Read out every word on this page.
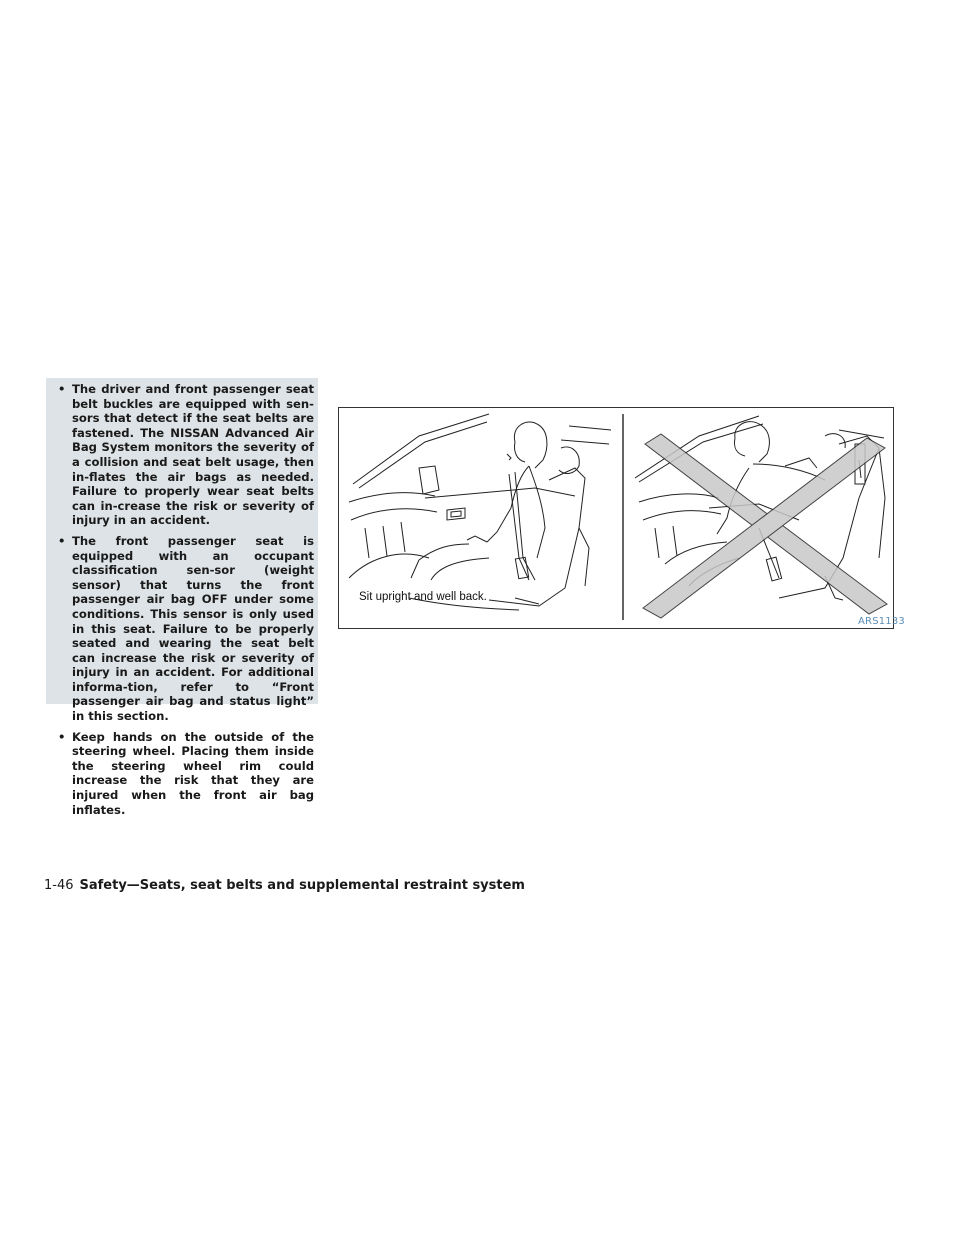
• The driver and front passenger seat belt buckles are equipped with sen-sors that detect if the seat belts are fastened. The NISSAN Advanced Air Bag System monitors the severity of a collision and seat belt usage, then in-flates the air bags as needed. Failure to properly wear seat belts can in-crease the risk or severity of injury in an accident.
• The front passenger seat is equipped with an occupant classification sen-sor (weight sensor) that turns the front passenger air bag OFF under some conditions. This sensor is only used in this seat. Failure to be properly seated and wearing the seat belt can increase the risk or severity of injury in an accident. For additional informa-tion, refer to “Front passenger air bag and status light” in this section.
• Keep hands on the outside of the steering wheel. Placing them inside the steering wheel rim could increase the risk that they are injured when the front air bag inflates.
Sit upright and well back.
ARS1133
1-46 Safety—Seats, seat belts and supplemental restraint system
